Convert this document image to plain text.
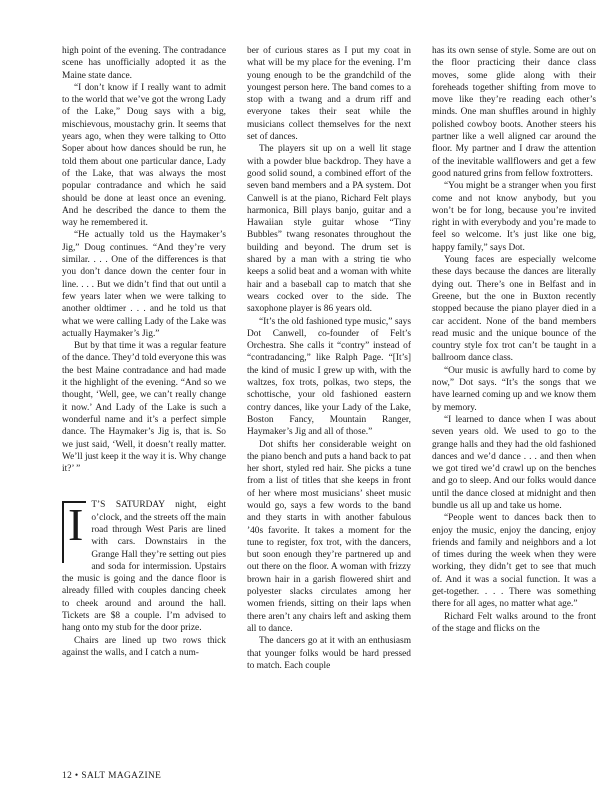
high point of the evening. The contradance scene has unofficially adopted it as the Maine state dance.

“I don’t know if I really want to admit to the world that we’ve got the wrong Lady of the Lake,” Doug says with a big, mischievous, moustachy grin. It seems that years ago, when they were talking to Otto Soper about how dances should be run, he told them about one particular dance, Lady of the Lake, that was always the most popular contradance and which he said should be done at least once an evening. And he described the dance to them the way he remembered it.

“He actually told us the Haymaker’s Jig,” Doug continues. “And they’re very similar. . . . One of the differences is that you don’t dance down the center four in line. . . . But we didn’t find that out until a few years later when we were talking to another oldtimer . . . and he told us that what we were calling Lady of the Lake was actually Haymaker’s Jig.”

But by that time it was a regular feature of the dance. They’d told everyone this was the best Maine contradance and had made it the highlight of the evening. “And so we thought, ‘Well, gee, we can’t really change it now.’ And Lady of the Lake is such a wonderful name and it’s a perfect simple dance. The Haymaker’s Jig is, that is. So we just said, ‘Well, it doesn’t really matter. We’ll just keep it the way it is. Why change it?’ ”

I T’S SATURDAY night, eight o’clock, and the streets off the main road through West Paris are lined with cars. Downstairs in the Grange Hall they’re setting out pies and soda for intermission. Upstairs the music is going and the dance floor is already filled with couples dancing cheek to cheek around and around the hall. Tickets are $8 a couple. I’m advised to hang onto my stub for the door prize.

Chairs are lined up two rows thick against the walls, and I catch a num-

ber of curious stares as I put my coat in what will be my place for the evening. I’m young enough to be the grandchild of the youngest person here. The band comes to a stop with a twang and a drum riff and everyone takes their seat while the musicians collect themselves for the next set of dances.

The players sit up on a well lit stage with a powder blue backdrop. They have a good solid sound, a combined effort of the seven band members and a PA system. Dot Canwell is at the piano, Richard Felt plays harmonica, Bill plays banjo, guitar and a Hawaiian style guitar whose “Tiny Bubbles” twang resonates throughout the building and beyond. The drum set is shared by a man with a string tie who keeps a solid beat and a woman with white hair and a baseball cap to match that she wears cocked over to the side. The saxophone player is 86 years old.

“It’s the old fashioned type music,” says Dot Canwell, co-founder of Felt’s Orchestra. She calls it “contry” instead of “contradancing,” like Ralph Page. “[It’s] the kind of music I grew up with, with the waltzes, fox trots, polkas, two steps, the schottische, your old fashioned eastern contry dances, like your Lady of the Lake, Boston Fancy, Mountain Ranger, Haymaker’s Jig and all of those.”

Dot shifts her considerable weight on the piano bench and puts a hand back to pat her short, styled red hair. She picks a tune from a list of titles that she keeps in front of her where most musicians’ sheet music would go, says a few words to the band and they starts in with another fabulous ’40s favorite. It takes a moment for the tune to register, fox trot, with the dancers, but soon enough they’re partnered up and out there on the floor. A woman with frizzy brown hair in a garish flowered shirt and polyester slacks circulates among her women friends, sitting on their laps when there aren’t any chairs left and asking them all to dance.

The dancers go at it with an enthusiasm that younger folks would be hard pressed to match. Each couple

has its own sense of style. Some are out on the floor practicing their dance class moves, some glide along with their foreheads together shifting from move to move like they’re reading each other’s minds. One man shuffles around in highly polished cowboy boots. Another steers his partner like a well aligned car around the floor. My partner and I draw the attention of the inevitable wallflowers and get a few good natured grins from fellow foxtrotters.

“You might be a stranger when you first come and not know anybody, but you won’t be for long, because you’re invited right in with everybody and you’re made to feel so welcome. It’s just like one big, happy family,” says Dot.

Young faces are especially welcome these days because the dances are literally dying out. There’s one in Belfast and in Greene, but the one in Buxton recently stopped because the piano player died in a car accident. None of the band members read music and the unique bounce of the country style fox trot can’t be taught in a ballroom dance class.

“Our music is awfully hard to come by now,” Dot says. “It’s the songs that we have learned coming up and we know them by memory.

“I learned to dance when I was about seven years old. We used to go to the grange halls and they had the old fashioned dances and we’d dance . . . and then when we got tired we’d crawl up on the benches and go to sleep. And our folks would dance until the dance closed at midnight and then bundle us all up and take us home.

“People went to dances back then to enjoy the music, enjoy the dancing, enjoy friends and family and neighbors and a lot of times during the week when they were working, they didn’t get to see that much of. And it was a social function. It was a get-together. . . . There was something there for all ages, no matter what age.”

Richard Felt walks around to the front of the stage and flicks on the

12 • SALT MAGAZINE
